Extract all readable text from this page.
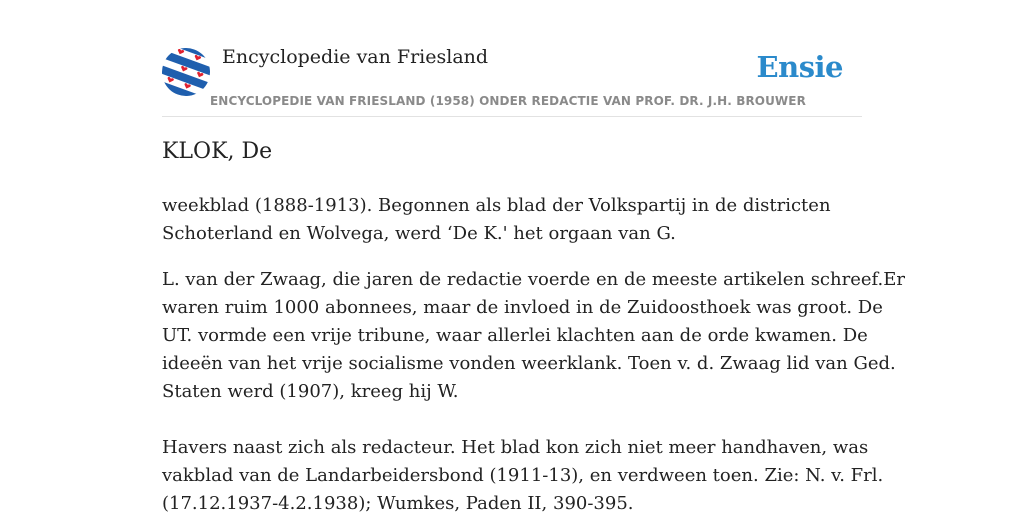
Encyclopedie van Friesland	Ensie
ENCYCLOPEDIE VAN FRIESLAND (1958) ONDER REDACTIE VAN PROF. DR. J.H. BROUWER
KLOK, De

weekblad (1888-1913). Begonnen als blad der Volkspartij in de districten
Schoterland en Wolvega, werd ‘De K.' het orgaan van G.

L. van der Zwaag, die jaren de redactie voerde en de meeste artikelen schreef.Er
waren ruim 1000 abonnees, maar de invloed in de Zuidoosthoek was groot. De
UT. vormde een vrije tribune, waar allerlei klachten aan de orde kwamen. De
ideeën van het vrije socialisme vonden weerklank. Toen v. d. Zwaag lid van Ged.
Staten werd (1907), kreeg hij W.

Havers naast zich als redacteur. Het blad kon zich niet meer handhaven, was
vakblad van de Landarbeidersbond (1911-13), en verdween toen. Zie: N. v. Frl.
(17.12.1937-4.2.1938); Wumkes, Paden II, 390-395.
